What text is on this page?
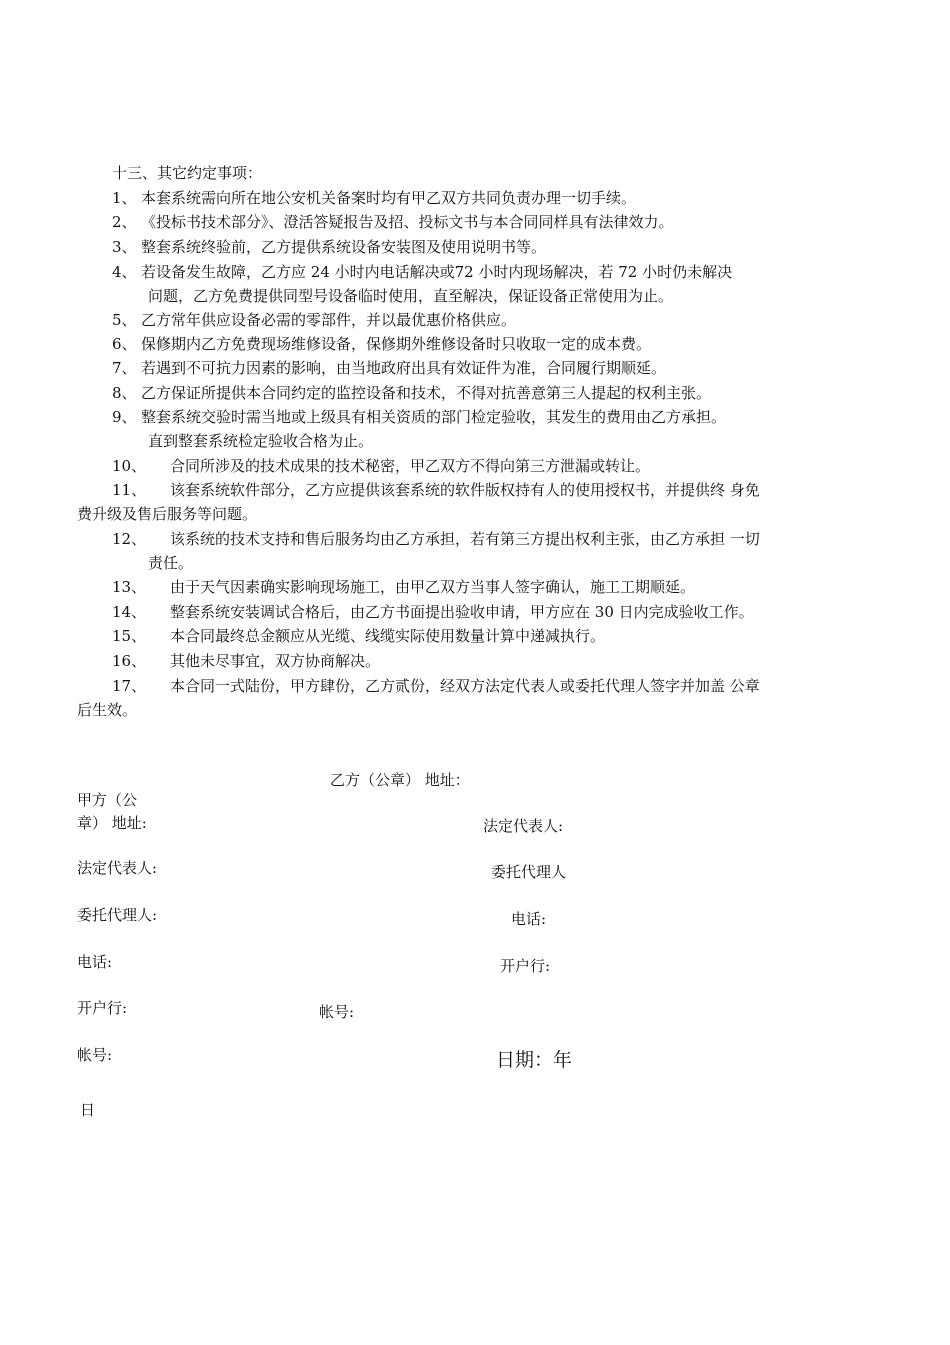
十三、其它约定事项：
1、 本套系统需向所在地公安机关备案时均有甲乙双方共同负责办理一切手续。
2、 《投标书技术部分》、澄活答疑报告及招、投标文书与本合同同样具有法律效力。
3、 整套系统终验前，乙方提供系统设备安装图及使用说明书等。
4、 若设备发生故障，乙方应 24 小时内电话解决或72 小时内现场解决，若 72 小时仍未解决
问题，乙方免费提供同型号设备临时使用，直至解决，保证设备正常使用为止。
5、 乙方常年供应设备必需的零部件，并以最优惠价格供应。
6、 保修期内乙方免费现场维修设备，保修期外维修设备时只收取一定的成本费。
7、 若遇到不可抗力因素的影响，由当地政府出具有效证件为准，合同履行期顺延。
8、 乙方保证所提供本合同约定的监控设备和技术，不得对抗善意第三人提起的权利主张。
9、 整套系统交验时需当地或上级具有相关资质的部门检定验收，其发生的费用由乙方承担。
直到整套系统检定验收合格为止。
10、 合同所涉及的技术成果的技术秘密，甲乙双方不得向第三方泄漏或转让。
11、 该套系统软件部分，乙方应提供该套系统的软件版权持有人的使用授权书，并提供终 身免
费升级及售后服务等问题。
12、 该系统的技术支持和售后服务均由乙方承担，若有第三方提出权利主张，由乙方承担 一切
责任。
13、 由于天气因素确实影响现场施工，由甲乙双方当事人签字确认，施工工期顺延。
14、 整套系统安装调试合格后，由乙方书面提出验收申请，甲方应在 30 日内完成验收工作。
15、 本合同最终总金额应从光缆、线缆实际使用数量计算中递减执行。
16、 其他未尽事宜，双方协商解决。
17、 本合同一式陆份，甲方肆份，乙方贰份，经双方法定代表人或委托代理人签字并加盖 公章
后生效。
乙方（公章） 地址：
法定代表人:
委托代理人
电话:
开户行:
帐号:
日期：年
甲方（公
章） 地址:
法定代表人:
委托代理人:
电话:
开户行:
帐号:
日
